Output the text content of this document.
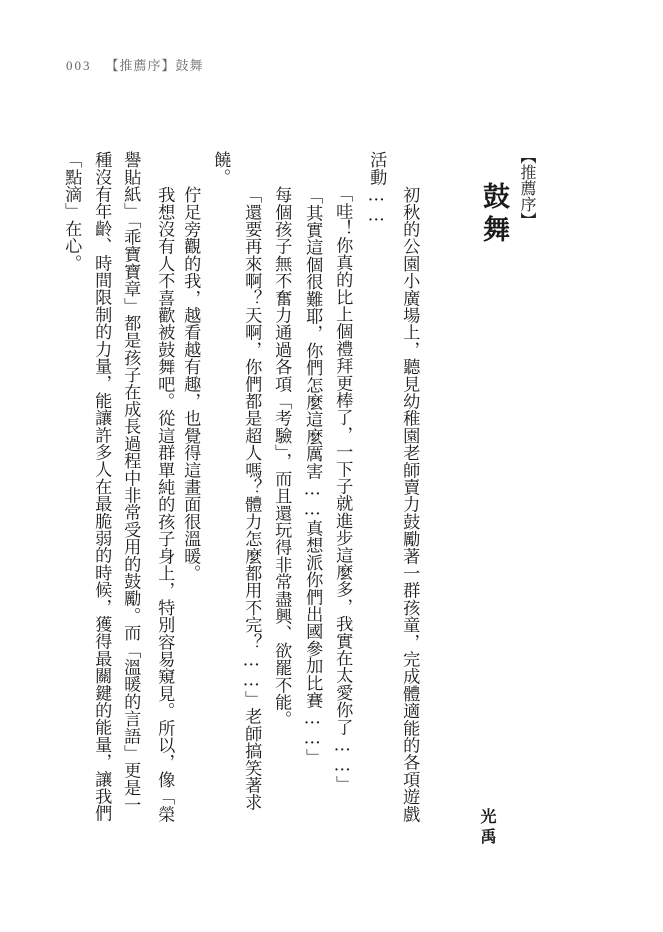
003 【推薦序】鼓舞
【推薦序】
鼓舞
光禹
初秋的公園小廣場上，聽見幼稚園老師賣力鼓勵著一群孩童，完成體適能的各項遊戲
活動……
「哇！你真的比上個禮拜更棒了，一下子就進步這麼多，我實在太愛你了……」
「其實這個很難耶，你們怎麼這麼厲害……真想派你們出國參加比賽……」
每個孩子無不奮力通過各項「考驗」，而且還玩得非常盡興、欲罷不能。
「還要再來啊？天啊，你們都是超人嗎？體力怎麼都用不完？……」老師搞笑著求
饒。
佇足旁觀的我，越看越有趣，也覺得這畫面很溫暖。
我想沒有人不喜歡被鼓舞吧。從這群單純的孩子身上，特別容易窺見。所以，像「榮
譽貼紙」「乖寶寶章」都是孩子在成長過程中非常受用的鼓勵。而「溫暖的言語」更是一
種沒有年齡、時間限制的力量，能讓許多人在最脆弱的時候，獲得最關鍵的能量，讓我們
「點滴」在心。
